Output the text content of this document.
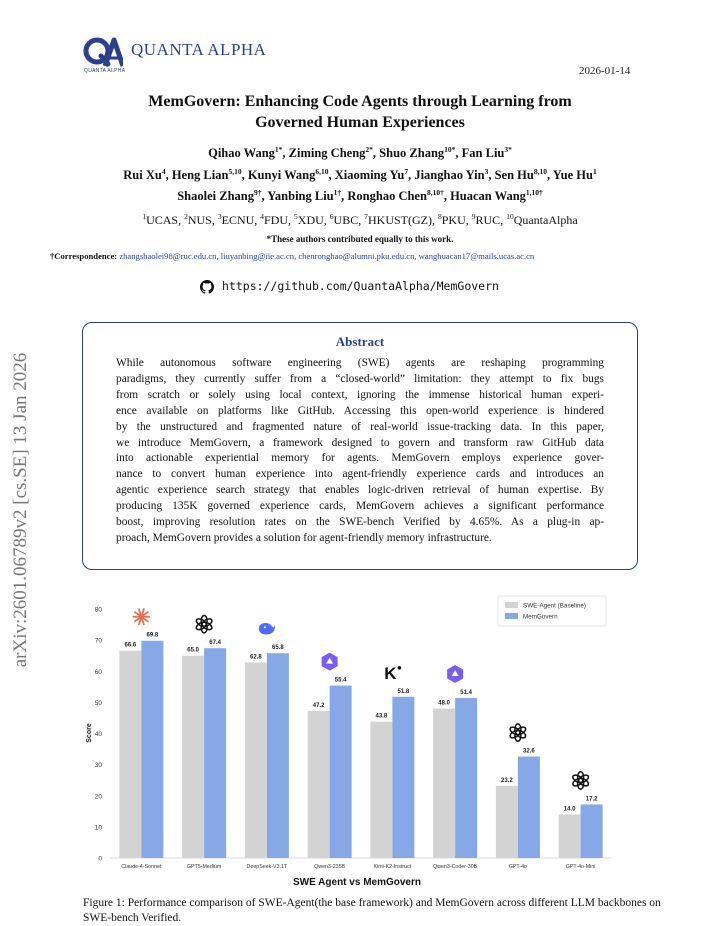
QUANTA ALPHA
QUANTA ALPHA	2026-01-14
MemGovern: Enhancing Code Agents through Learning from
Governed Human Experiences
Qihao Wang$^{1*}$, Ziming Cheng$^{2*}$, Shuo Zhang$^{10*}$, Fan Liu$^{3*}$
Rui Xu$^4$, Heng Lian$^{5,10}$, Kunyi Wang$^{6,10}$, Xiaoming Yu$^7$, Jianghao Yin$^3$, Sen Hu$^{8,10}$, Yue Hu$^1$
Shaolei Zhang$^{9\dagger}$, Yanbing Liu$^{1\dagger}$, Ronghao Chen$^{8,10\dagger}$, Huacan Wang$^{1,10\dagger}$
$^1$UCAS, $^2$NUS, $^3$ECNU, $^4$FDU, $^5$XDU, $^6$UBC, $^7$HKUST(GZ), $^8$PKU, $^9$RUC, $^{10}$QuantaAlpha
*These authors contributed equally to this work.
†Correspondence: zhangshaolei98@ruc.edu.cn, liuyanbing@iie.ac.cn, chenronghao@alumni.pku.edu.cn, wanghuacan17@mails.ucas.ac.cn
https://github.com/QuantaAlpha/MemGovern
arXiv:2601.06789v2 [cs.SE] 13 Jan 2026
Abstract
While autonomous software engineering (SWE) agents are reshaping programming
paradigms, they currently suffer from a “closed-world” limitation: they attempt to fix bugs
from scratch or solely using local context, ignoring the immense historical human experi-
ence available on platforms like GitHub. Accessing this open-world experience is hindered
by the unstructured and fragmented nature of real-world issue-tracking data. In this paper,
we introduce MemGovern, a framework designed to govern and transform raw GitHub data
into actionable experiential memory for agents. MemGovern employs experience gover-
nance to convert human experience into agent-friendly experience cards and introduces an
agentic experience search strategy that enables logic-driven retrieval of human expertise. By
producing 135K governed experience cards, MemGovern achieves a significant performance
boost, improving resolution rates on the SWE-bench Verified by 4.65%. As a plug-in ap-
proach, MemGovern provides a solution for agent-friendly memory infrastructure.
0
10
20
30
40
50
60
70
80
Score
66.6
69.8
Claude-4-Sonnet
65.0
67.4
GPT5-Medium
62.8
65.8
DeepSeek-V3.1T
47.2
55.4
Qwen3-235B
43.8
51.8
Kimi-K2-Instruct
K
48.0
51.4
Qwen3-Coder-30B
23.2
32.6
GPT-4o
14.0
17.2
GPT-4o-Mini
SWE-Agent (Baseline)
MemGovern
SWE Agent vs MemGovern
Figure 1: Performance comparison of SWE-Agent(the base framework) and MemGovern across different LLM backbones on SWE-bench Verified.
